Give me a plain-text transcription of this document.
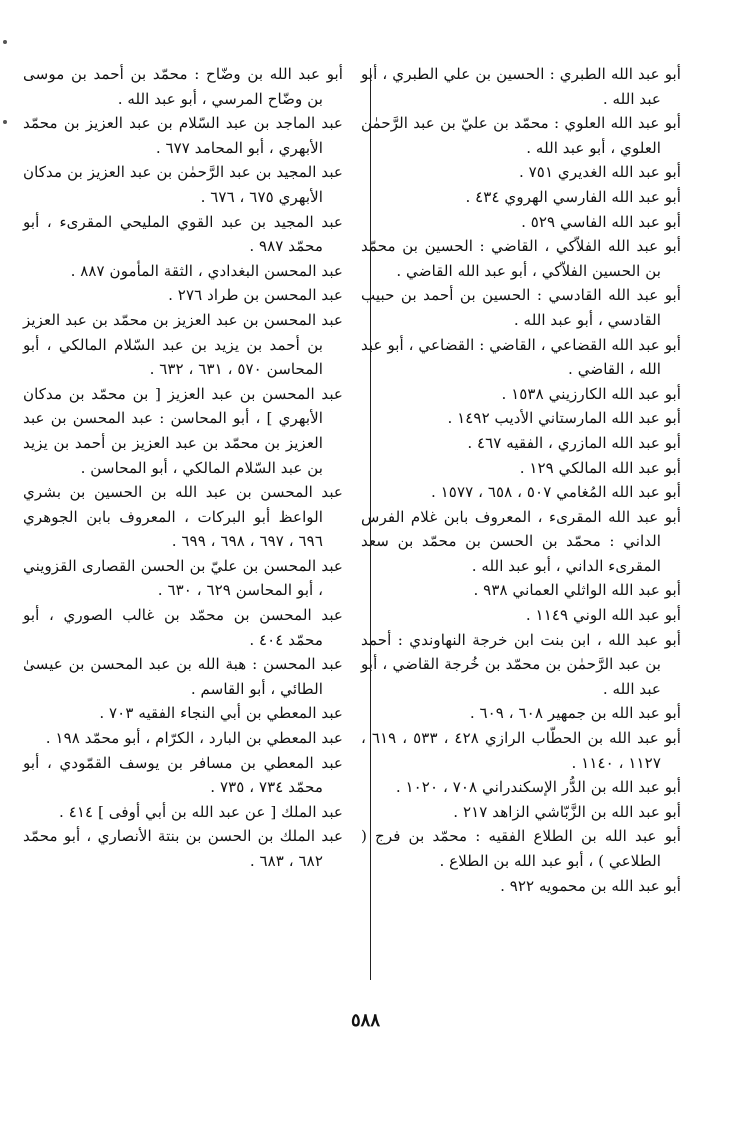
أبو عبد الله الطبري : الحسين بن علي الطبري ، أبو عبد الله .
أبو عبد الله العلوي : محمّد بن عليّ بن عبد الرَّحمٰن العلوي ، أبو عبد الله .
أبو عبد الله الغديري ٧٥١ .
أبو عبد الله الفارسي الهروي ٤٣٤ .
أبو عبد الله الفاسي ٥٢٩ .
أبو عبد الله الفلاّكي ، القاضي : الحسين بن محمّد بن الحسين الفلاّكي ، أبو عبد الله القاضي .
أبو عبد الله القادسي : الحسين بن أحمد بن حبيب القادسي ، أبو عبد الله .
أبو عبد الله القضاعي ، القاضي : القضاعي ، أبو عبد الله ، القاضي .
أبو عبد الله الكارزيني ١٥٣٨ .
أبو عبد الله المارستاني الأديب ١٤٩٢ .
أبو عبد الله المازري ، الفقيه ٤٦٧ .
أبو عبد الله المالكي ١٢٩ .
أبو عبد الله المُغامي ٥٠٧ ، ٦٥٨ ، ١٥٧٧ .
أبو عبد الله المقرىء ، المعروف بابن غلام الفرس الداني : محمّد بن الحسن بن محمّد بن سعد المقرىء الداني ، أبو عبد الله .
أبو عبد الله الواثلي العماني ٩٣٨ .
أبو عبد الله الوني ١١٤٩ .
أبو عبد الله ، ابن بنت ابن خرجة النهاوندي : أحمد بن عبد الرَّحمٰن بن محمّد بن خُرجة القاضي ، أبو عبد الله .
أبو عبد الله بن جمهير ٦٠٨ ، ٦٠٩ .
أبو عبد الله بن الحطّاب الرازي ٤٢٨ ، ٥٣٣ ، ٦١٩ ، ١١٢٧ ، ١١٤٠ .
أبو عبد الله بن الدُّر الإسكندراني ٧٠٨ ، ١٠٢٠ .
أبو عبد الله بن الزَّبّاشي الزاهد ٢١٧ .
أبو عبد الله بن الطلاع الفقيه : محمّد بن فرج ( الطلاعي ) ، أبو عبد الله بن الطلاع .
أبو عبد الله بن محمويه ٩٢٢ .
أبو عبد الله بن وضّاح : محمّد بن أحمد بن موسى بن وضّاح المرسي ، أبو عبد الله .
عبد الماجد بن عبد السّلام بن عبد العزيز بن محمّد الأبهري ، أبو المحامد ٦٧٧ .
عبد المجيد بن عبد الرَّحمٰن بن عبد العزيز بن مدكان الأبهري ٦٧٥ ، ٦٧٦ .
عبد المجيد بن عبد القوي المليحي المقرىء ، أبو محمّد ٩٨٧ .
عبد المحسن البغدادي ، الثقة المأمون ٨٨٧ .
عبد المحسن بن طراد ٢٧٦ .
عبد المحسن بن عبد العزيز بن محمّد بن عبد العزيز بن أحمد بن يزيد بن عبد السّلام المالكي ، أبو المحاسن ٥٧٠ ، ٦٣١ ، ٦٣٢ .
عبد المحسن بن عبد العزيز [ بن محمّد بن مدكان الأبهري ] ، أبو المحاسن : عبد المحسن بن عبد العزيز بن محمّد بن عبد العزيز بن أحمد بن يزيد بن عبد السّلام المالكي ، أبو المحاسن .
عبد المحسن بن عبد الله بن الحسين بن بشري الواعظ أبو البركات ، المعروف بابن الجوهري ٦٩٦ ، ٦٩٧ ، ٦٩٨ ، ٦٩٩ .
عبد المحسن بن عليّ بن الحسن القصارى القزويني ، أبو المحاسن ٦٢٩ ، ٦٣٠ .
عبد المحسن بن محمّد بن غالب الصوري ، أبو محمّد ٤٠٤ .
عبد المحسن : هبة الله بن عبد المحسن بن عيسىٰ الطائي ، أبو القاسم .
عبد المعطي بن أبي النجاء الفقيه ٧٠٣ .
عبد المعطي بن البارد ، الكرّام ، أبو محمّد ١٩٨ .
عبد المعطي بن مسافر بن يوسف القمّودي ، أبو محمّد ٧٣٤ ، ٧٣٥ .
عبد الملك [ عن عبد الله بن أبي أوفى ] ٤١٤ .
عبد الملك بن الحسن بن بنتة الأنصاري ، أبو محمّد ٦٨٢ ، ٦٨٣ .
٥٨٨
